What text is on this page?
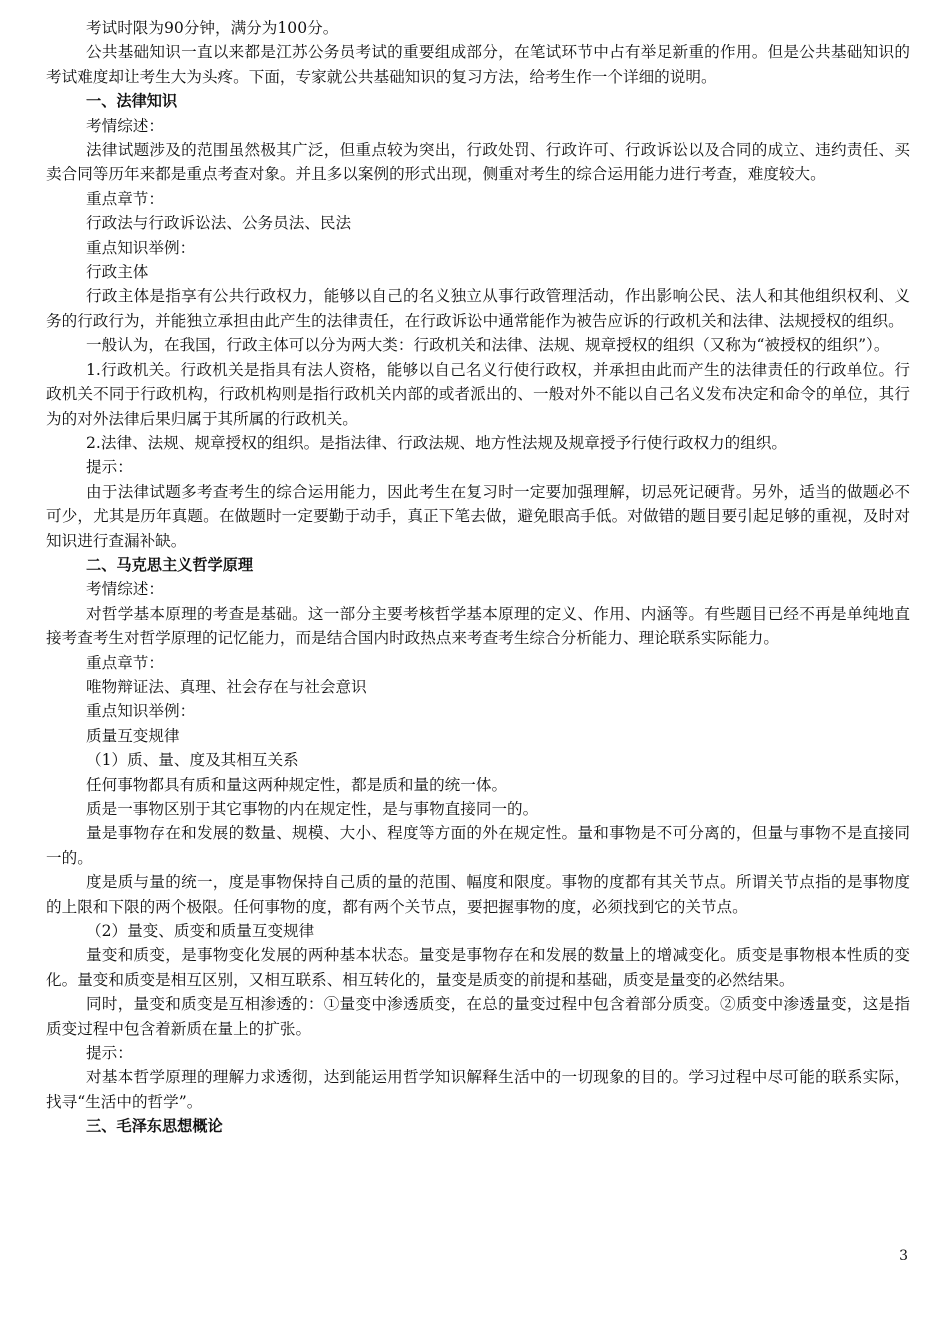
考试时限为90分钟，满分为100分。

公共基础知识一直以来都是江苏公务员考试的重要组成部分，在笔试环节中占有举足新重的作用。但是公共基础知识的考试难度却让考生大为头疼。下面，专家就公共基础知识的复习方法，给考生作一个详细的说明。

一、法律知识

考情综述：

法律试题涉及的范围虽然极其广泛，但重点较为突出，行政处罚、行政许可、行政诉讼以及合同的成立、违约责任、买卖合同等历年来都是重点考查对象。并且多以案例的形式出现，侧重对考生的综合运用能力进行考查，难度较大。

重点章节：

行政法与行政诉讼法、公务员法、民法

重点知识举例：

行政主体

行政主体是指享有公共行政权力，能够以自己的名义独立从事行政管理活动，作出影响公民、法人和其他组织权利、义务的行政行为，并能独立承担由此产生的法律责任，在行政诉讼中通常能作为被告应诉的行政机关和法律、法规授权的组织。

一般认为，在我国，行政主体可以分为两大类：行政机关和法律、法规、规章授权的组织（又称为“被授权的组织”）。

1.行政机关。行政机关是指具有法人资格，能够以自己名义行使行政权，并承担由此而产生的法律责任的行政单位。行政机关不同于行政机构，行政机构则是指行政机关内部的或者派出的、一般对外不能以自己名义发布决定和命令的单位，其行为的对外法律后果归属于其所属的行政机关。

2.法律、法规、规章授权的组织。是指法律、行政法规、地方性法规及规章授予行使行政权力的组织。

提示：

由于法律试题多考查考生的综合运用能力，因此考生在复习时一定要加强理解，切忌死记硬背。另外，适当的做题必不可少，尤其是历年真题。在做题时一定要勤于动手，真正下笔去做，避免眼高手低。对做错的题目要引起足够的重视，及时对知识进行查漏补缺。

二、马克思主义哲学原理

考情综述：

对哲学基本原理的考查是基础。这一部分主要考核哲学基本原理的定义、作用、内涵等。有些题目已经不再是单纯地直接考查考生对哲学原理的记忆能力，而是结合国内时政热点来考查考生综合分析能力、理论联系实际能力。

重点章节：

唯物辩证法、真理、社会存在与社会意识

重点知识举例：

质量互变规律

（1）质、量、度及其相互关系

任何事物都具有质和量这两种规定性，都是质和量的统一体。

质是一事物区别于其它事物的内在规定性，是与事物直接同一的。

量是事物存在和发展的数量、规模、大小、程度等方面的外在规定性。量和事物是不可分离的，但量与事物不是直接同一的。

度是质与量的统一，度是事物保持自己质的量的范围、幅度和限度。事物的度都有其关节点。所谓关节点指的是事物度的上限和下限的两个极限。任何事物的度，都有两个关节点，要把握事物的度，必须找到它的关节点。

（2）量变、质变和质量互变规律

量变和质变，是事物变化发展的两种基本状态。量变是事物存在和发展的数量上的增减变化。质变是事物根本性质的变化。量变和质变是相互区别，又相互联系、相互转化的，量变是质变的前提和基础，质变是量变的必然结果。

同时，量变和质变是互相渗透的：①量变中渗透质变，在总的量变过程中包含着部分质变。②质变中渗透量变，这是指质变过程中包含着新质在量上的扩张。

提示：

对基本哲学原理的理解力求透彻，达到能运用哲学知识解释生活中的一切现象的目的。学习过程中尽可能的联系实际，找寻“生活中的哲学”。

三、毛泽东思想概论

3
